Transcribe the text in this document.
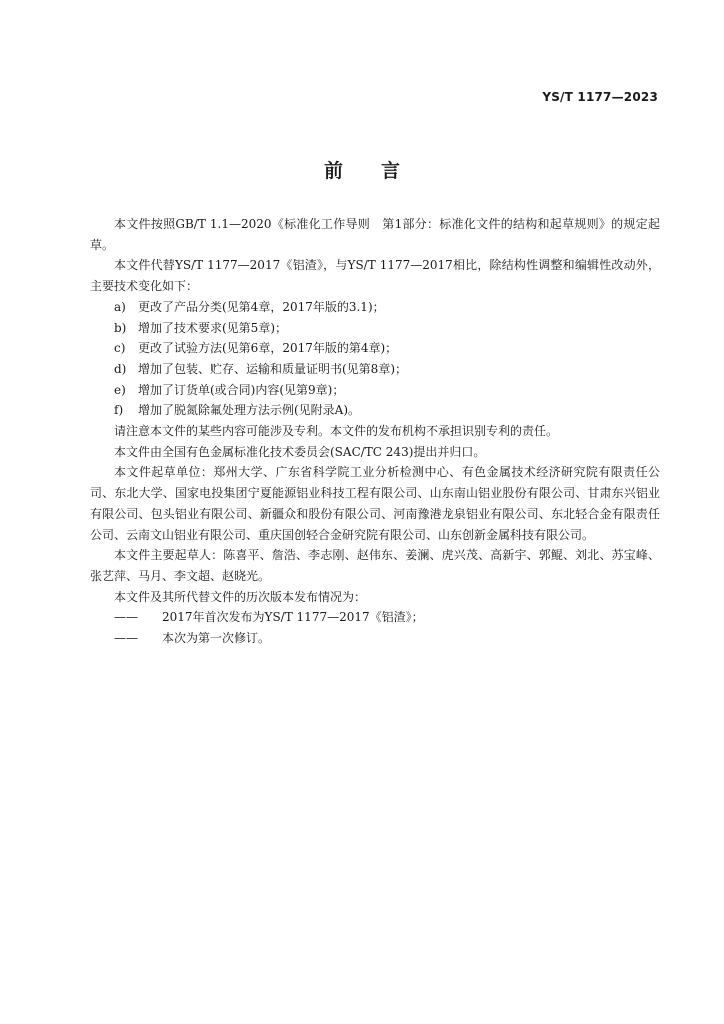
YS/T 1177—2023
前言
本文件按照GB/T 1.1—2020《标准化工作导则　第1部分：标准化文件的结构和起草规则》的规定起草。
本文件代替YS/T 1177—2017《铝渣》，与YS/T 1177—2017相比，除结构性调整和编辑性改动外，主要技术变化如下：
a) 更改了产品分类(见第4章，2017年版的3.1)；
b) 增加了技术要求(见第5章)；
c) 更改了试验方法(见第6章，2017年版的第4章)；
d) 增加了包装、贮存、运输和质量证明书(见第8章)；
e) 增加了订货单(或合同)内容(见第9章)；
f) 增加了脱氮除氟处理方法示例(见附录A)。
请注意本文件的某些内容可能涉及专利。本文件的发布机构不承担识别专利的责任。
本文件由全国有色金属标准化技术委员会(SAC/TC 243)提出并归口。
本文件起草单位：郑州大学、广东省科学院工业分析检测中心、有色金属技术经济研究院有限责任公司、东北大学、国家电投集团宁夏能源铝业科技工程有限公司、山东南山铝业股份有限公司、甘肃东兴铝业有限公司、包头铝业有限公司、新疆众和股份有限公司、河南豫港龙泉铝业有限公司、东北轻合金有限责任公司、云南文山铝业有限公司、重庆国创轻合金研究院有限公司、山东创新金属科技有限公司。
本文件主要起草人：陈喜平、詹浩、李志刚、赵伟东、姜澜、虎兴茂、高新宇、郭鲲、刘北、苏宝峰、张艺萍、马月、李文超、赵晓光。
本文件及其所代替文件的历次版本发布情况为：
—— 2017年首次发布为YS/T 1177—2017《铝渣》；
—— 本次为第一次修订。
